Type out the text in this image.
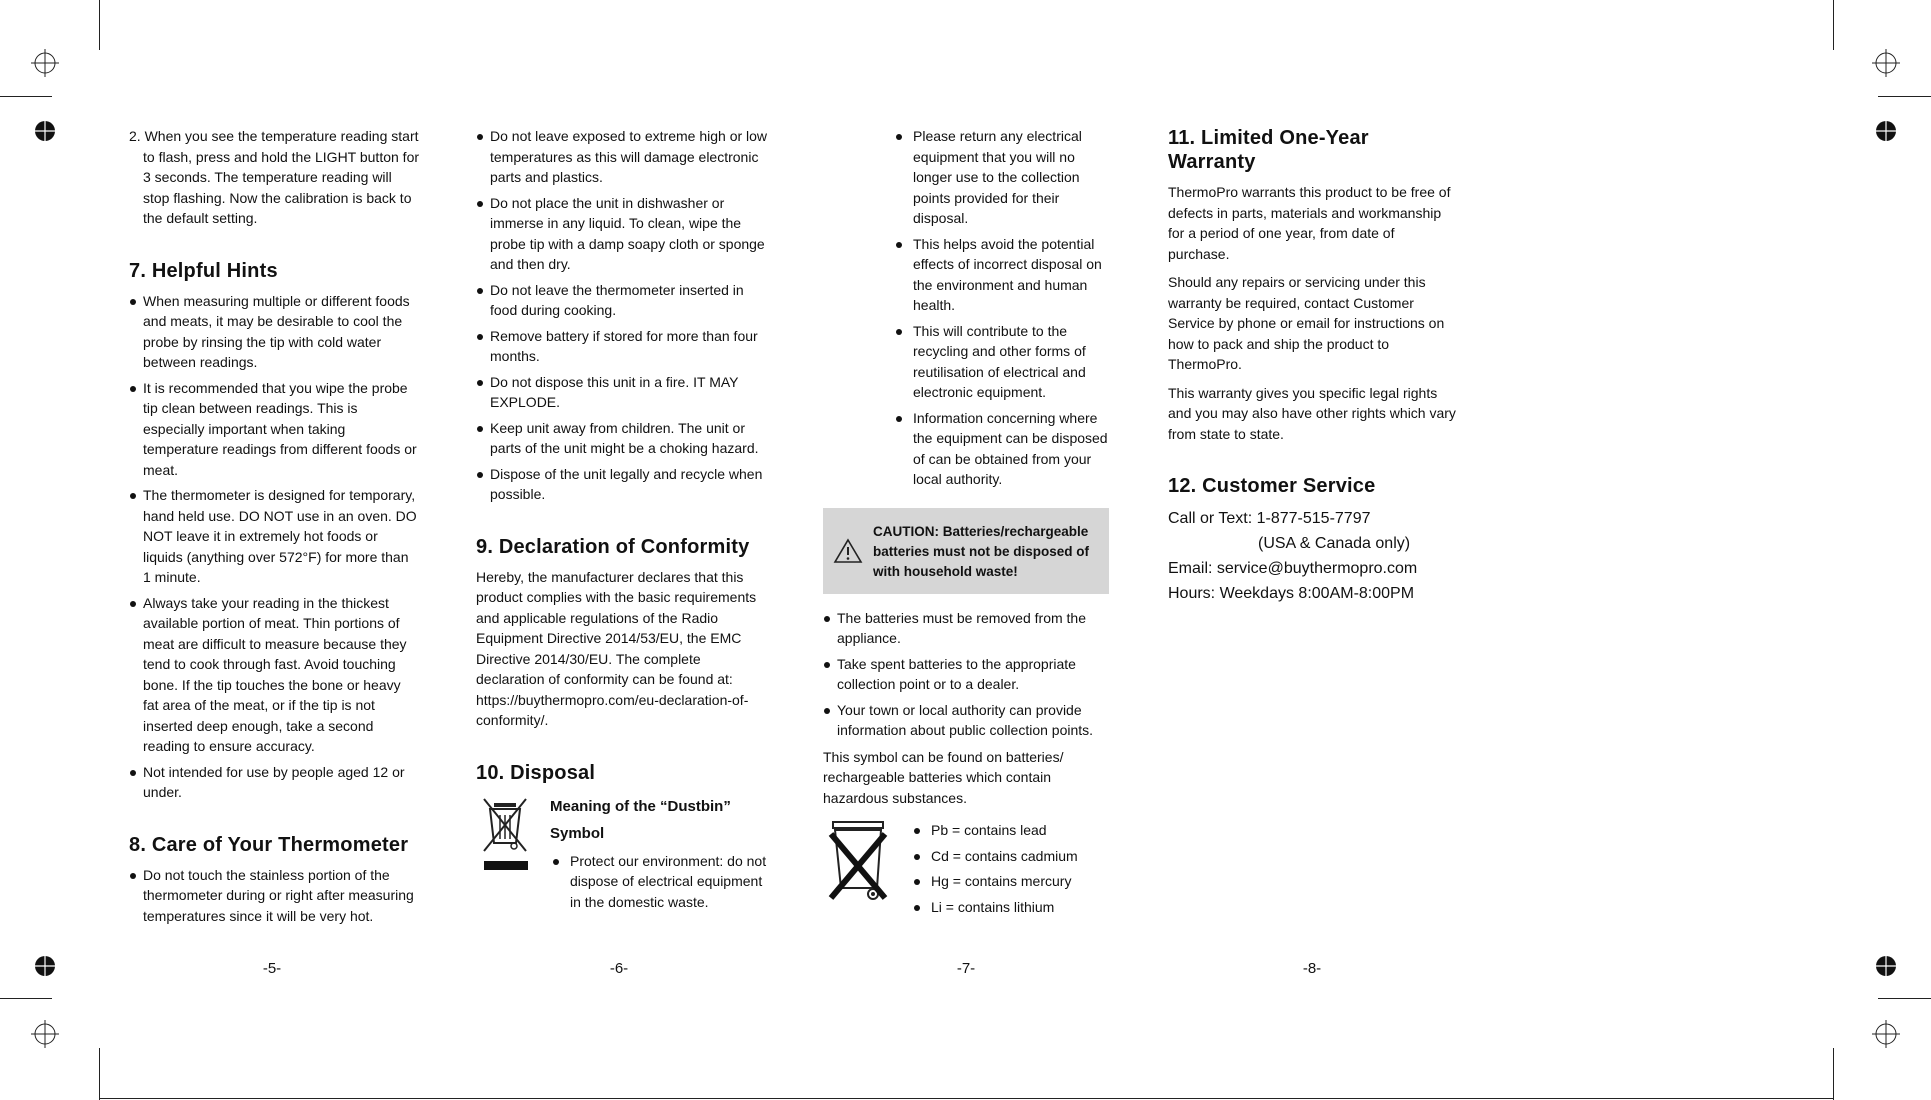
2. When you see the temperature reading start to flash, press and hold the LIGHT button for 3 seconds. The temperature reading will stop flashing. Now the calibration is back to the default setting.

7. Helpful Hints
When measuring multiple or different foods and meats, it may be desirable to cool the probe by rinsing the tip with cold water between readings.
It is recommended that you wipe the probe tip clean between readings. This is especially important when taking temperature readings from different foods or meat.
The thermometer is designed for temporary, hand held use. DO NOT use in an oven. DO NOT leave it in extremely hot foods or liquids (anything over 572°F) for more than 1 minute.
Always take your reading in the thickest available portion of meat. Thin portions of meat are difficult to measure because they tend to cook through fast. Avoid touching bone. If the tip touches the bone or heavy fat area of the meat, or if the tip is not inserted deep enough, take a second reading to ensure accuracy.
Not intended for use by people aged 12 or under.
8. Care of Your Thermometer
Do not touch the stainless portion of the thermometer during or right after measuring temperatures since it will be very hot.
-5-
Do not leave exposed to extreme high or low temperatures as this will damage electronic parts and plastics.
Do not place the unit in dishwasher or immerse in any liquid. To clean, wipe the probe tip with a damp soapy cloth or sponge and then dry.
Do not leave the thermometer inserted in food during cooking.
Remove battery if stored for more than four months.
Do not dispose this unit in a fire. IT MAY EXPLODE.
Keep unit away from children. The unit or parts of the unit might be a choking hazard.
Dispose of the unit legally and recycle when possible.
9. Declaration of Conformity

Hereby, the manufacturer declares that this product complies with the basic requirements and applicable regulations of the Radio Equipment Directive 2014/53/EU, the EMC Directive 2014/30/EU. The complete declaration of conformity can be found at: https://buythermopro.com/eu-declaration-of-conformity/.

10. Disposal
Meaning of the “Dustbin” Symbol
Protect our environment: do not dispose of electrical equipment in the domestic waste.
-6-
Please return any electrical equipment that you will no longer use to the collection points provided for their disposal.
This helps avoid the potential effects of incorrect disposal on the environment and human health.
This will contribute to the recycling and other forms of reutilisation of electrical and electronic equipment.
Information concerning where the equipment can be disposed of can be obtained from your local authority.
CAUTION: Batteries/rechargeable batteries must not be disposed of with household waste!
The batteries must be removed from the appliance.
Take spent batteries to the appropriate collection point or to a dealer.
Your town or local authority can provide information about public collection points.

This symbol can be found on batteries/ rechargeable batteries which contain hazardous substances.

Pb = contains lead
Cd = contains cadmium
Hg = contains mercury
Li = contains lithium
-7-
11. Limited One-Year Warranty

ThermoPro warrants this product to be free of defects in parts, materials and workmanship for a period of one year, from date of purchase.

Should any repairs or servicing under this warranty be required, contact Customer Service by phone or email for instructions on how to pack and ship the product to ThermoPro.

This warranty gives you specific legal rights and you may also have other rights which vary from state to state.

12. Customer Service

Call or Text: 1-877-515-7797

(USA & Canada only)

Email: service@buythermopro.com

Hours: Weekdays 8:00AM-8:00PM

-8-
